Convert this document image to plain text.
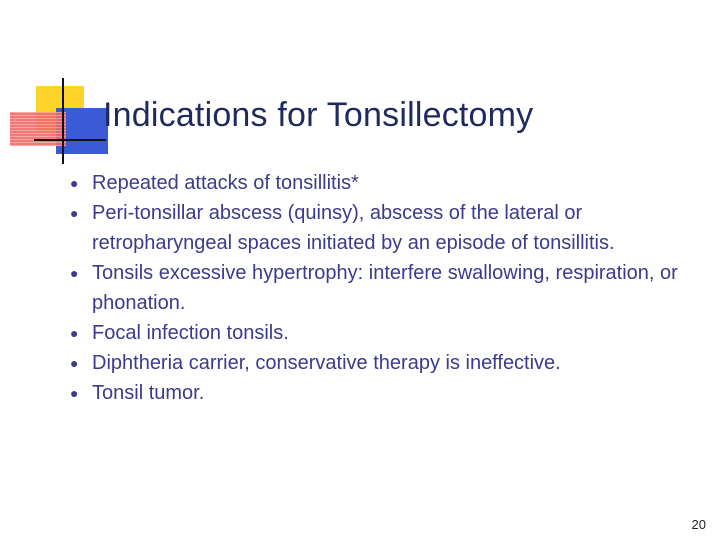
Indications for Tonsillectomy
● Repeated attacks of tonsillitis*
● Peri-tonsillar abscess (quinsy), abscess of the lateral or retropharyngeal spaces initiated by an episode of tonsillitis.
● Tonsils excessive hypertrophy: interfere swallowing, respiration, or phonation.
● Focal infection tonsils.
● Diphtheria carrier, conservative therapy is ineffective.
● Tonsil tumor.
20
